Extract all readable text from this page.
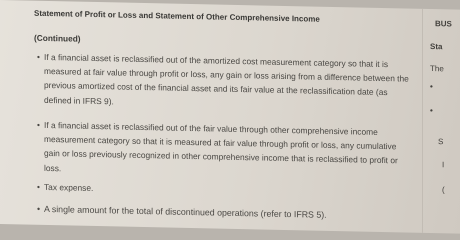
Statement of Profit or Loss and Statement of Other Comprehensive Income
(Continued)
• If a financial asset is reclassified out of the amortized cost measurement category so that it is measured at fair value through profit or loss, any gain or loss arising from a difference between the previous amortized cost of the financial asset and its fair value at the reclassification date (as defined in IFRS 9).
• If a financial asset is reclassified out of the fair value through other comprehensive income measurement category so that it is measured at fair value through profit or loss, any cumulative gain or loss previously recognized in other comprehensive income that is reclassified to profit or loss.
• Tax expense.
• A single amount for the total of discontinued operations (refer to IFRS 5).
BUS
Sta
The
•
•
S
I
(
